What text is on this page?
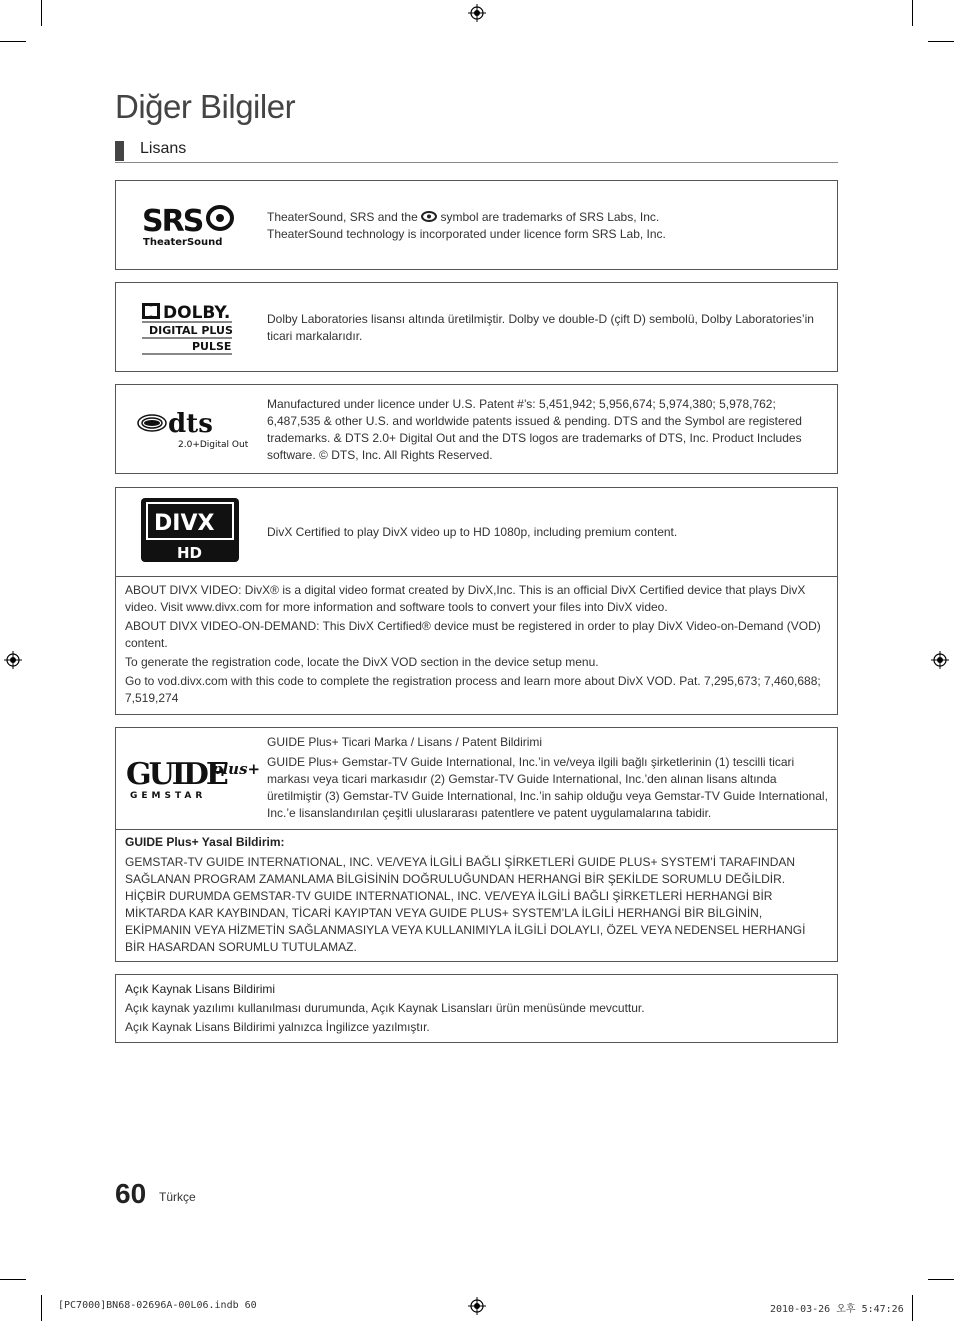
Diğer Bilgiler
Lisans
SRS
TheaterSound

TheaterSound, SRS and the symbol are trademarks of SRS Labs, Inc.

TheaterSound technology is incorporated under licence form SRS Lab, Inc.

DOLBY.
DIGITAL PLUS
PULSE
Dolby Laboratories lisansı altında üretilmiştir. Dolby ve double-D (çift D) sembolü, Dolby Laboratories’in ticari markalarıdır.
dts
2.0+Digital Out
Manufactured under licence under U.S. Patent #’s: 5,451,942; 5,956,674; 5,974,380; 5,978,762; 6,487,535 & other U.S. and worldwide patents issued & pending. DTS and the Symbol are registered trademarks. & DTS 2.0+ Digital Out and the DTS logos are trademarks of DTS, Inc. Product Includes software. © DTS, Inc. All Rights Reserved.
DIVX
HD
DivX Certified to play DivX video up to HD 1080p, including premium content.

ABOUT DIVX VIDEO: DivX® is a digital video format created by DivX,Inc. This is an official DivX Certified device that plays DivX video. Visit www.divx.com for more information and software tools to convert your files into DivX video.

ABOUT DIVX VIDEO-ON-DEMAND: This DivX Certified® device must be registered in order to play DivX Video-on-Demand (VOD) content.

To generate the registration code, locate the DivX VOD section in the device setup menu.

Go to vod.divx.com with this code to complete the registration process and learn more about DivX VOD. Pat. 7,295,673; 7,460,688; 7,519,274

GUIDE
plus+
GEMSTAR

GUIDE Plus+ Ticari Marka / Lisans / Patent Bildirimi

GUIDE Plus+ Gemstar-TV Guide International, Inc.’in ve/veya ilgili bağlı şirketlerinin (1) tescilli ticari markası veya ticari markasıdır (2) Gemstar-TV Guide International, Inc.’den alınan lisans altında üretilmiştir (3) Gemstar-TV Guide International, Inc.’in sahip olduğu veya Gemstar-TV Guide International, Inc.’e lisanslandırılan çeşitli uluslararası patentlere ve patent uygulamalarına tabidir.

GUIDE Plus+ Yasal Bildirim:

GEMSTAR-TV GUIDE INTERNATIONAL, INC. VE/VEYA İLGİLİ BAĞLI ŞİRKETLERİ GUIDE PLUS+ SYSTEM’İ TARAFINDAN SAĞLANAN PROGRAM ZAMANLAMA BİLGİSİNİN DOĞRULUĞUNDAN HERHANGİ BİR ŞEKİLDE SORUMLU DEĞİLDİR. HİÇBİR DURUMDA GEMSTAR-TV GUIDE INTERNATIONAL, INC. VE/VEYA İLGİLİ BAĞLI ŞİRKETLERİ HERHANGİ BİR MİKTARDA KAR KAYBINDAN, TİCARİ KAYIPTAN VEYA GUIDE PLUS+ SYSTEM’LA İLGİLİ HERHANGİ BİR BİLGİNİN, EKİPMANIN VEYA HİZMETİN SAĞLANMASIYLA VEYA KULLANIMIYLA İLGİLİ DOLAYLI, ÖZEL VEYA NEDENSEL HERHANGİ BİR HASARDAN SORUMLU TUTULAMAZ.

Açık Kaynak Lisans Bildirimi

Açık kaynak yazılımı kullanılması durumunda, Açık Kaynak Lisansları ürün menüsünde mevcuttur.

Açık Kaynak Lisans Bildirimi yalnızca İngilizce yazılmıştır.

60 Türkçe
[PC7000]BN68-02696A-00L06.indb 60	2010-03-26 오후 5:47:26
